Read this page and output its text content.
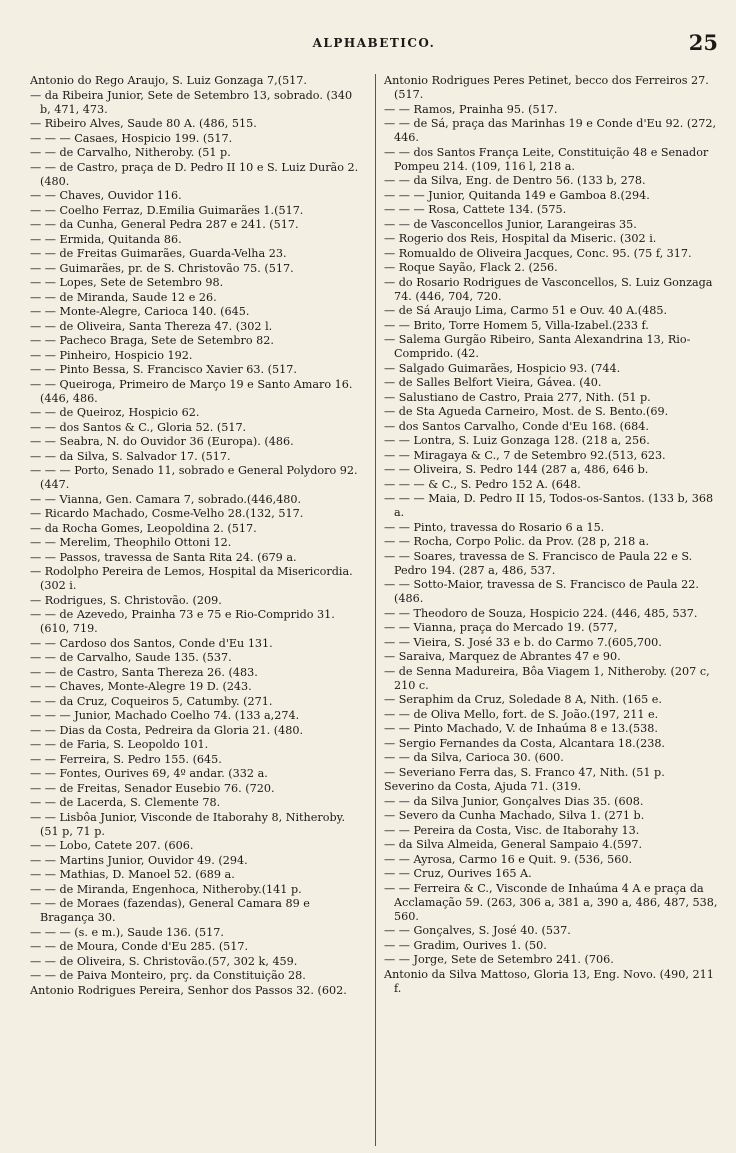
ALPHABETICO.	25
Antonio do Rego Araujo, S. Luiz Gonzaga 7,(517.
— da Ribeira Junior, Sete de Setembro 13, sobrado. (340 b, 471, 473.
— Ribeiro Alves, Saude 80 A. (486, 515.
— — — Casaes, Hospicio 199. (517.
— — de Carvalho, Nitheroby. (51 p.
— — de Castro, praça de D. Pedro II 10 e S. Luiz Durão 2. (480.
— — Chaves, Ouvidor 116.
— — Coelho Ferraz, D.Emilia Guimarães 1.(517.
— — da Cunha, General Pedra 287 e 241. (517.
— — Ermida, Quitanda 86.
— — de Freitas Guimarães, Guarda-Velha 23.
— — Guimarães, pr. de S. Christovão 75. (517.
— — Lopes, Sete de Setembro 98.
— — de Miranda, Saude 12 e 26.
— — Monte-Alegre, Carioca 140. (645.
— — de Oliveira, Santa Thereza 47. (302 l.
— — Pacheco Braga, Sete de Setembro 82.
— — Pinheiro, Hospicio 192.
— — Pinto Bessa, S. Francisco Xavier 63. (517.
— — Queiroga, Primeiro de Março 19 e Santo Amaro 16. (446, 486.
— — de Queiroz, Hospicio 62.
— — dos Santos & C., Gloria 52. (517.
— — Seabra, N. do Ouvidor 36 (Europa). (486.
— — da Silva, S. Salvador 17. (517.
— — — Porto, Senado 11, sobrado e General Polydoro 92. (447.
— — Vianna, Gen. Camara 7, sobrado.(446,480.
— Ricardo Machado, Cosme-Velho 28.(132, 517.
— da Rocha Gomes, Leopoldina 2. (517.
— — Merelim, Theophilo Ottoni 12.
— — Passos, travessa de Santa Rita 24. (679 a.
— Rodolpho Pereira de Lemos, Hospital da Misericordia. (302 i.
— Rodrigues, S. Christovão. (209.
— — de Azevedo, Prainha 73 e 75 e Rio-Comprido 31. (610, 719.
— — Cardoso dos Santos, Conde d'Eu 131.
— — de Carvalho, Saude 135. (537.
— — de Castro, Santa Thereza 26. (483.
— — Chaves, Monte-Alegre 19 D. (243.
— — da Cruz, Coqueiros 5, Catumby. (271.
— — — Junior, Machado Coelho 74. (133 a,274.
— — Dias da Costa, Pedreira da Gloria 21. (480.
— — de Faria, S. Leopoldo 101.
— — Ferreira, S. Pedro 155. (645.
— — Fontes, Ourives 69, 4º andar. (332 a.
— — de Freitas, Senador Eusebio 76. (720.
— — de Lacerda, S. Clemente 78.
— — Lisbôa Junior, Visconde de Itaborahy 8, Nitheroby. (51 p, 71 p.
— — Lobo, Catete 207. (606.
— — Martins Junior, Ouvidor 49. (294.
— — Mathias, D. Manoel 52. (689 a.
— — de Miranda, Engenhoca, Nitheroby.(141 p.
— — de Moraes (fazendas), General Camara 89 e Bragança 30.
— — — (s. e m.), Saude 136. (517.
— — de Moura, Conde d'Eu 285. (517.
— — de Oliveira, S. Christovão.(57, 302 k, 459.
— — de Paiva Monteiro, prç. da Constituição 28.
Antonio Rodrigues Pereira, Senhor dos Passos 32. (602.
Antonio Rodrigues Peres Petinet, becco dos Ferreiros 27. (517.
— — Ramos, Prainha 95. (517.
— — de Sá, praça das Marinhas 19 e Conde d'Eu 92. (272, 446.
— — dos Santos França Leite, Constituição 48 e Senador Pompeu 214. (109, 116 l, 218 a.
— — da Silva, Eng. de Dentro 56. (133 b, 278.
— — — Junior, Quitanda 149 e Gamboa 8.(294.
— — — Rosa, Cattete 134. (575.
— — de Vasconcellos Junior, Larangeiras 35.
— Rogerio dos Reis, Hospital da Miseric. (302 i.
— Romualdo de Oliveira Jacques, Conc. 95. (75 f, 317.
— Roque Sayão, Flack 2. (256.
— do Rosario Rodrigues de Vasconcellos, S. Luiz Gonzaga 74. (446, 704, 720.
— de Sá Araujo Lima, Carmo 51 e Ouv. 40 A.(485.
— — Brito, Torre Homem 5, Villa-Izabel.(233 f.
— Salema Gurgão Ribeiro, Santa Alexandrina 13, Rio-Comprido. (42.
— Salgado Guimarães, Hospicio 93. (744.
— de Salles Belfort Vieira, Gávea. (40.
— Salustiano de Castro, Praia 277, Nith. (51 p.
— de Sta Agueda Carneiro, Most. de S. Bento.(69.
— dos Santos Carvalho, Conde d'Eu 168. (684.
— — Lontra, S. Luiz Gonzaga 128. (218 a, 256.
— — Miragaya & C., 7 de Setembro 92.(513, 623.
— — Oliveira, S. Pedro 144 (287 a, 486, 646 b.
— — — & C., S. Pedro 152 A. (648.
— — — Maia, D. Pedro II 15, Todos-os-Santos. (133 b, 368 a.
— — Pinto, travessa do Rosario 6 a 15.
— — Rocha, Corpo Polic. da Prov. (28 p, 218 a.
— — Soares, travessa de S. Francisco de Paula 22 e S. Pedro 194. (287 a, 486, 537.
— — Sotto-Maior, travessa de S. Francisco de Paula 22. (486.
— — Theodoro de Souza, Hospicio 224. (446, 485, 537.
— — Vianna, praça do Mercado 19. (577,
— — Vieira, S. José 33 e b. do Carmo 7.(605,700.
— Saraiva, Marquez de Abrantes 47 e 90.
— de Senna Madureira, Bôa Viagem 1, Nitheroby. (207 c, 210 c.
— Seraphim da Cruz, Soledade 8 A, Nith. (165 e.
— — de Oliva Mello, fort. de S. João.(197, 211 e.
— — Pinto Machado, V. de Inhaúma 8 e 13.(538.
— Sergio Fernandes da Costa, Alcantara 18.(238.
— — da Silva, Carioca 30. (600.
— Severiano Ferra das, S. Franco 47, Nith. (51 p.
Severino da Costa, Ajuda 71. (319.
— — da Silva Junior, Gonçalves Dias 35. (608.
— Severo da Cunha Machado, Silva 1. (271 b.
— — Pereira da Costa, Visc. de Itaborahy 13.
— da Silva Almeida, General Sampaio 4.(597.
— — Ayrosa, Carmo 16 e Quit. 9. (536, 560.
— — Cruz, Ourives 165 A.
— — Ferreira & C., Visconde de Inhaúma 4 A e praça da Acclamação 59. (263, 306 a, 381 a, 390 a, 486, 487, 538, 560.
— — Gonçalves, S. José 40. (537.
— — Gradim, Ourives 1. (50.
— — Jorge, Sete de Setembro 241. (706.
Antonio da Silva Mattoso, Gloria 13, Eng. Novo. (490, 211 f.
